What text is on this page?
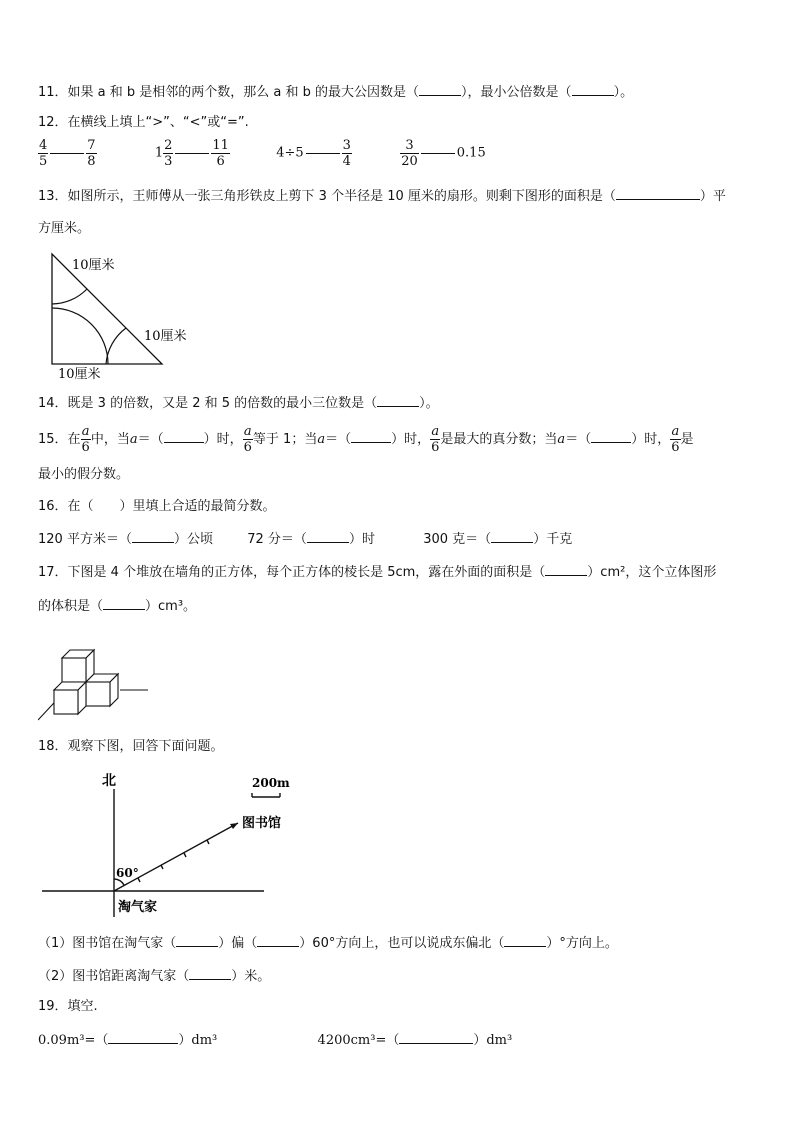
11．如果 a 和 b 是相邻的两个数，那么 a 和 b 的最大公因数是（	），最小公倍数是（	）。
12．在横线上填上“>”、“<”或“=”.
$\frac{4}{5}$	$\frac{7}{8}$	$1 \frac{2}{3}$	$\frac{11}{6}$	4÷5	$\frac{3}{4}$
	$\frac{3}{20}$	0.15
13．如图所示，王师傅从一张三角形铁皮上剪下 3 个半径是 10 厘米的扇形。则剩下图形的面积是（	）平
方厘米。
10厘米
10厘米
10厘米
14．既是 3 的倍数，又是 2 和 5 的倍数的最小三位数是（	）。
15．在 $\frac{a}{6}$ 中，当a＝（	）时， $\frac{a}{6}$ 等于 1；当a＝（	）时， $\frac{a}{6}$ 是最大的真分数；当a＝（	）时， $\frac{a}{6}$ 是
最小的假分数。
16．在（　　）里填上合适的最简分数。
120 平方米＝（	）公顷	72 分＝（	）时	300 克＝（	）千克
17．下图是 4 个堆放在墙角的正方体，每个正方体的棱长是 5cm，露在外面的面积是（	）cm²，这个立体图形
的体积是（	）cm³。
18．观察下图，回答下面问题。
北	200m
图书馆
60°
淘气家
（1）图书馆在淘气家（	）偏（	）60°方向上，也可以说成东偏北（	）°方向上。
（2）图书馆距离淘气家（	）米。
19．填空.
0.09m³=（	）dm³	4200cm³=（	）dm³
